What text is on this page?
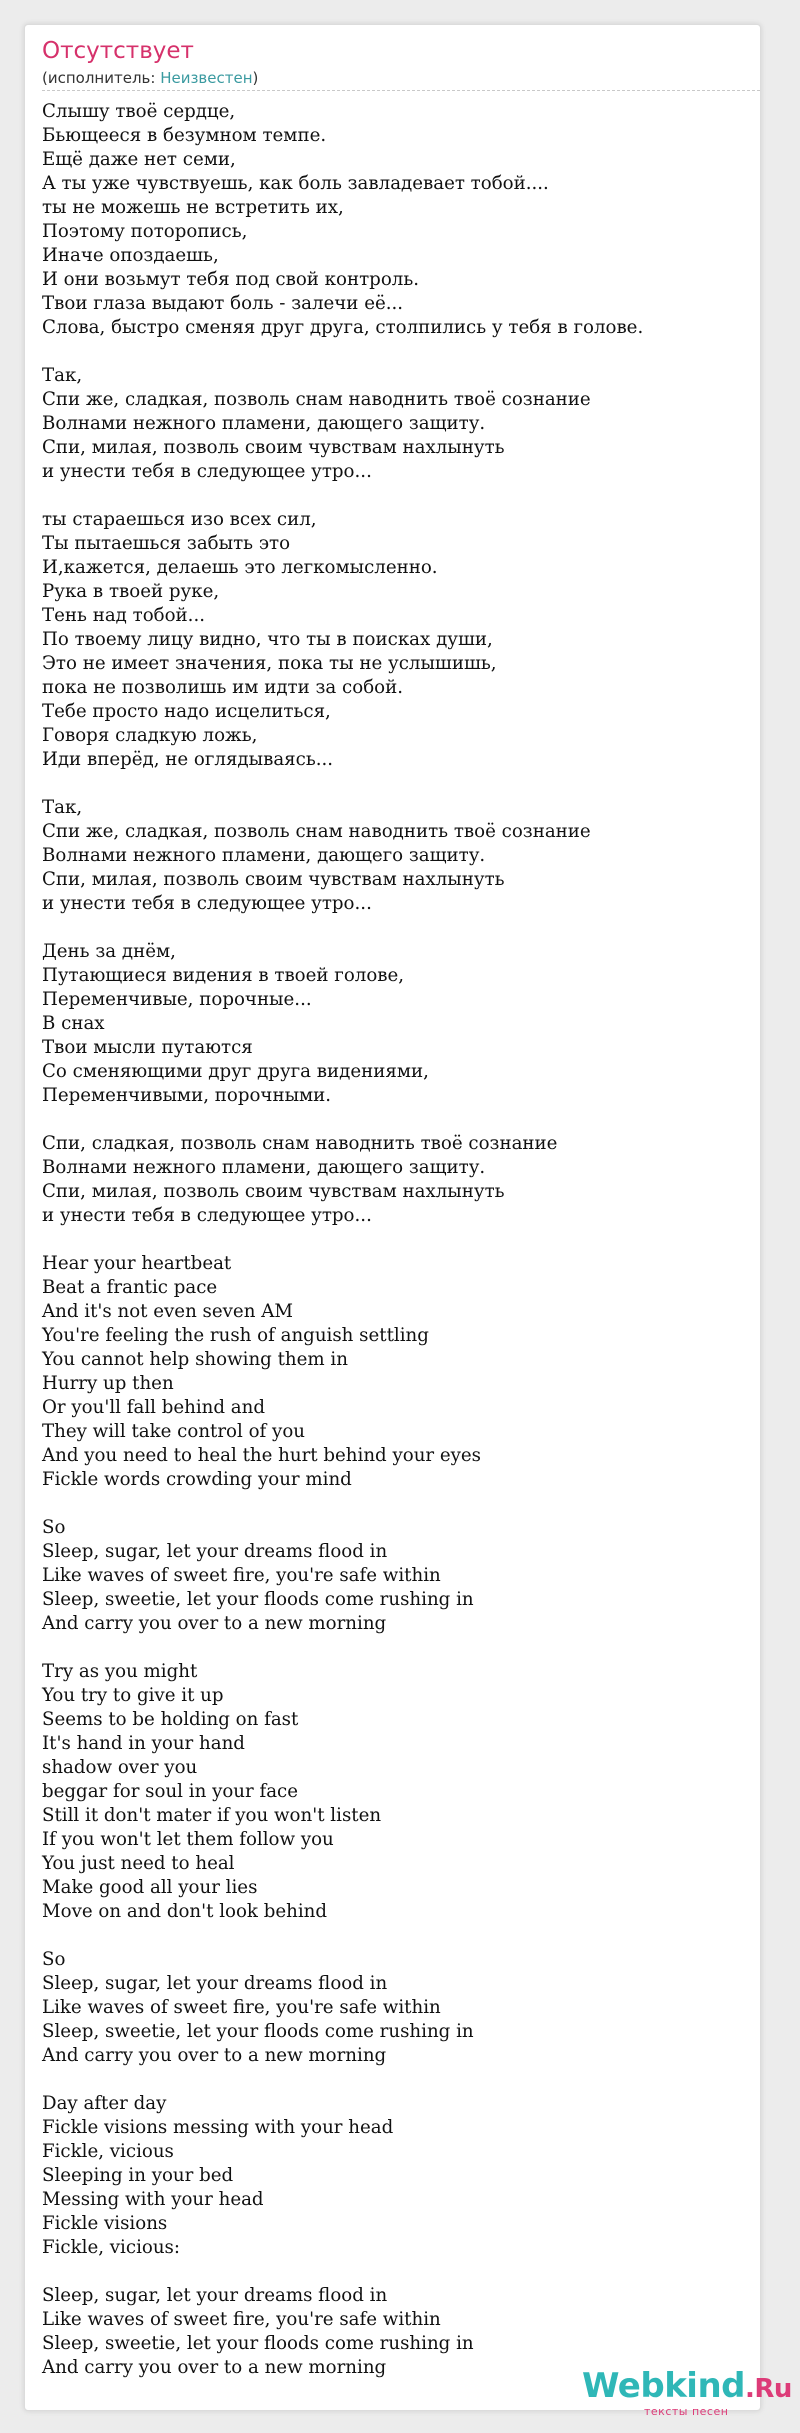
Отсутствует
(исполнитель: Неизвестен)
Слышу твоё сердце,
Бьющееся в безумном темпе.
Ещё даже нет семи,
А ты уже чувствуешь, как боль завладевает тобой....
ты не можешь не встретить их,
Поэтому поторопись,
Иначе опоздаешь,
И они возьмут тебя под свой контроль.
Твои глаза выдают боль - залечи её...
Слова, быстро сменяя друг друга, столпились у тебя в голове.
Так,
Спи же, сладкая, позволь снам наводнить твоё сознание
Волнами нежного пламени, дающего защиту.
Спи, милая, позволь своим чувствам нахлынуть
и унести тебя в следующее утро...
ты стараешься изо всех сил,
Ты пытаешься забыть это
И,кажется, делаешь это легкомысленно.
Рука в твоей руке,
Тень над тобой...
По твоему лицу видно, что ты в поисках души,
Это не имеет значения, пока ты не услышишь,
пока не позволишь им идти за собой.
Тебе просто надо исцелиться,
Говоря сладкую ложь,
Иди вперёд, не оглядываясь...
Так,
Спи же, сладкая, позволь снам наводнить твоё сознание
Волнами нежного пламени, дающего защиту.
Спи, милая, позволь своим чувствам нахлынуть
и унести тебя в следующее утро...
День за днём,
Путающиеся видения в твоей голове,
Переменчивые, порочные...
В снах
Твои мысли путаются
Со сменяющими друг друга видениями,
Переменчивыми, порочными.
Спи, сладкая, позволь снам наводнить твоё сознание
Волнами нежного пламени, дающего защиту.
Спи, милая, позволь своим чувствам нахлынуть
и унести тебя в следующее утро...
Hear your heartbeat
Beat a frantic pace
And it's not even seven AM
You're feeling the rush of anguish settling
You cannot help showing them in
Hurry up then
Or you'll fall behind and
They will take control of you
And you need to heal the hurt behind your eyes
Fickle words crowding your mind
So
Sleep, sugar, let your dreams flood in
Like waves of sweet fire, you're safe within
Sleep, sweetie, let your floods come rushing in
And carry you over to a new morning
Try as you might
You try to give it up
Seems to be holding on fast
It's hand in your hand
shadow over you
beggar for soul in your face
Still it don't mater if you won't listen
If you won't let them follow you
You just need to heal
Make good all your lies
Move on and don't look behind
So
Sleep, sugar, let your dreams flood in
Like waves of sweet fire, you're safe within
Sleep, sweetie, let your floods come rushing in
And carry you over to a new morning
Day after day
Fickle visions messing with your head
Fickle, vicious
Sleeping in your bed
Messing with your head
Fickle visions
Fickle, vicious:
Sleep, sugar, let your dreams flood in
Like waves of sweet fire, you're safe within
Sleep, sweetie, let your floods come rushing in
And carry you over to a new morning	Webkind.Ru
тексты песен
